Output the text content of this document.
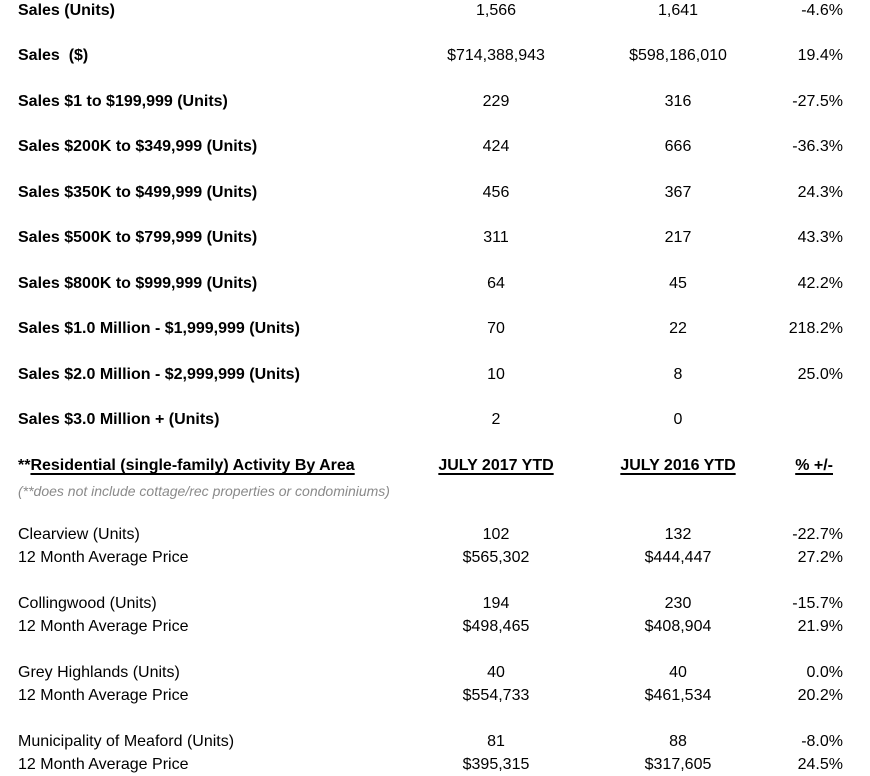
Sales (Units)	1,566	1,641	-4.6%
Sales  ($)	$714,388,943	$598,186,010	19.4%
Sales $1 to $199,999 (Units)	229	316	-27.5%
Sales $200K to $349,999 (Units)	424	666	-36.3%
Sales $350K to $499,999 (Units)	456	367	24.3%
Sales $500K to $799,999 (Units)	311	217	43.3%
Sales $800K to $999,999 (Units)	64	45	42.2%
Sales $1.0 Million - $1,999,999 (Units)	70	22	218.2%
Sales $2.0 Million - $2,999,999 (Units)	10	8	25.0%
Sales $3.0 Million + (Units)	2	0
**Residential (single-family) Activity By Area	JULY 2017 YTD	JULY 2016 YTD	% +/-
(**does not include cottage/rec properties or condominiums)
Clearview (Units)	102	132	-22.7%
12 Month Average Price	$565,302	$444,447	27.2%
Collingwood (Units)	194	230	-15.7%
12 Month Average Price	$498,465	$408,904	21.9%
Grey Highlands (Units)	40	40	0.0%
12 Month Average Price	$554,733	$461,534	20.2%
Municipality of Meaford (Units)	81	88	-8.0%
12 Month Average Price	$395,315	$317,605	24.5%
